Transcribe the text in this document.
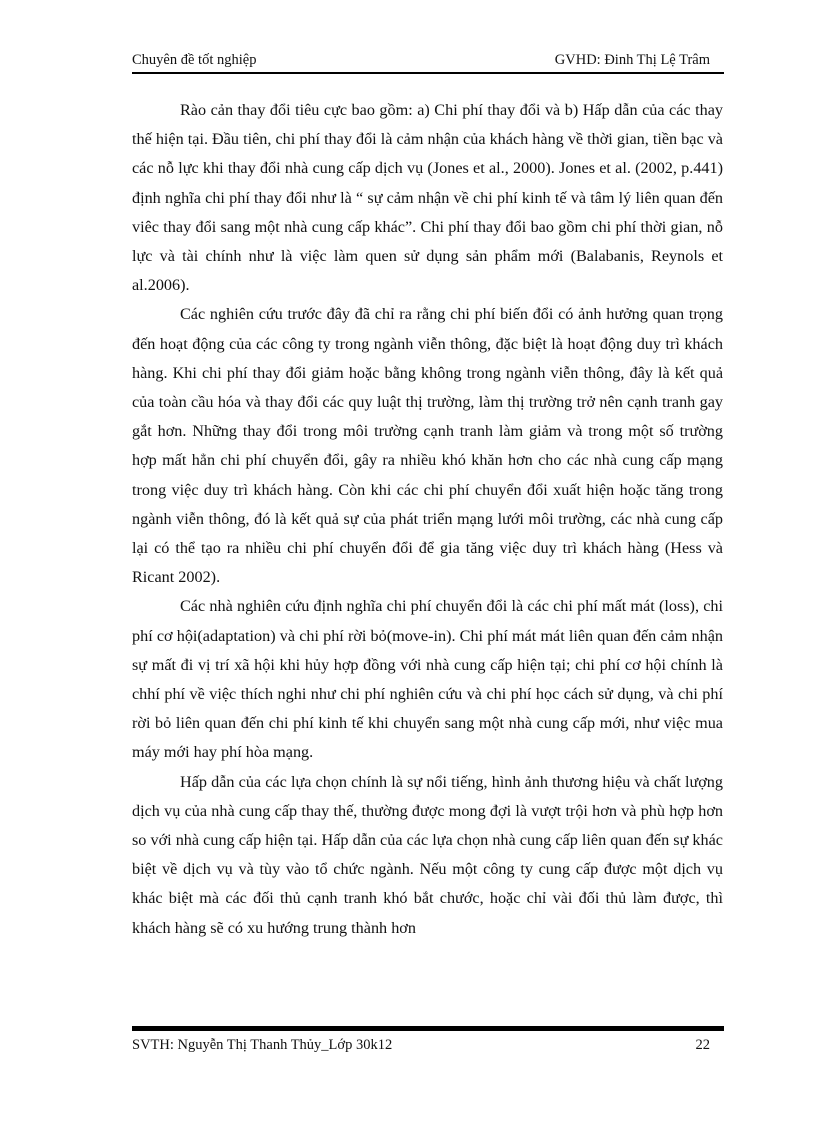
Chuyên đề tốt nghiệp	GVHD: Đinh Thị Lệ Trâm

Rào cản thay đổi tiêu cực bao gồm: a) Chi phí thay đổi và b) Hấp dẫn của các thay thế hiện tại. Đầu tiên, chi phí thay đổi là cảm nhận của khách hàng về thời gian, tiền bạc và các nỗ lực khi thay đổi nhà cung cấp dịch vụ (Jones et al., 2000). Jones et al. (2002, p.441) định nghĩa chi phí thay đổi như là “ sự cảm nhận về chi phí kinh tế và tâm lý liên quan đến viêc thay đổi sang một nhà cung cấp khác”. Chi phí thay đổi bao gồm chi phí thời gian, nỗ lực và tài chính như là việc làm quen sử dụng sản phẩm mới (Balabanis, Reynols et al.2006).

Các nghiên cứu trước đây đã chỉ ra rằng chi phí biến đổi có ảnh hưởng quan trọng đến hoạt động của các công ty trong ngành viễn thông, đặc biệt là hoạt động duy trì khách hàng. Khi chi phí thay đổi giảm hoặc bằng không trong ngành viễn thông, đây là kết quả của toàn cầu hóa và thay đổi các quy luật thị trường, làm thị trường trở nên cạnh tranh gay gắt hơn. Những thay đổi trong môi trường cạnh tranh làm giảm và trong một số trường hợp mất hẳn chi phí chuyển đổi, gây ra nhiều khó khăn hơn cho các nhà cung cấp mạng trong việc duy trì khách hàng. Còn khi các chi phí chuyển đổi xuất hiện hoặc tăng trong ngành viễn thông, đó là kết quả sự của phát triển mạng lưới môi trường, các nhà cung cấp lại có thể tạo ra nhiều chi phí chuyển đổi để gia tăng việc duy trì khách hàng (Hess và Ricant 2002).

Các nhà nghiên cứu định nghĩa chi phí chuyển đổi là các chi phí mất mát (loss), chi phí cơ hội(adaptation) và chi phí rời bỏ(move-in). Chi phí mát mát liên quan đến cảm nhận sự mất đi vị trí xã hội khi hủy hợp đồng với nhà cung cấp hiện tại; chi phí cơ hội chính là chhí phí về việc thích nghi như chi phí nghiên cứu và chi phí học cách sử dụng, và chi phí rời bỏ liên quan đến chi phí kinh tế khi chuyển sang một nhà cung cấp mới, như việc mua máy mới hay phí hòa mạng.

Hấp dẫn của các lựa chọn chính là sự nổi tiếng, hình ảnh thương hiệu và chất lượng dịch vụ của nhà cung cấp thay thế, thường được mong đợi là vượt trội hơn và phù hợp hơn so với nhà cung cấp hiện tại. Hấp dẫn của các lựa chọn nhà cung cấp liên quan đến sự khác biệt về dịch vụ và tùy vào tổ chức ngành. Nếu một công ty cung cấp được một dịch vụ khác biệt mà các đối thủ cạnh tranh khó bắt chước, hoặc chỉ vài đối thủ làm được, thì khách hàng sẽ có xu hướng trung thành hơn

SVTH: Nguyễn Thị Thanh Thủy_Lớp 30k12	22
